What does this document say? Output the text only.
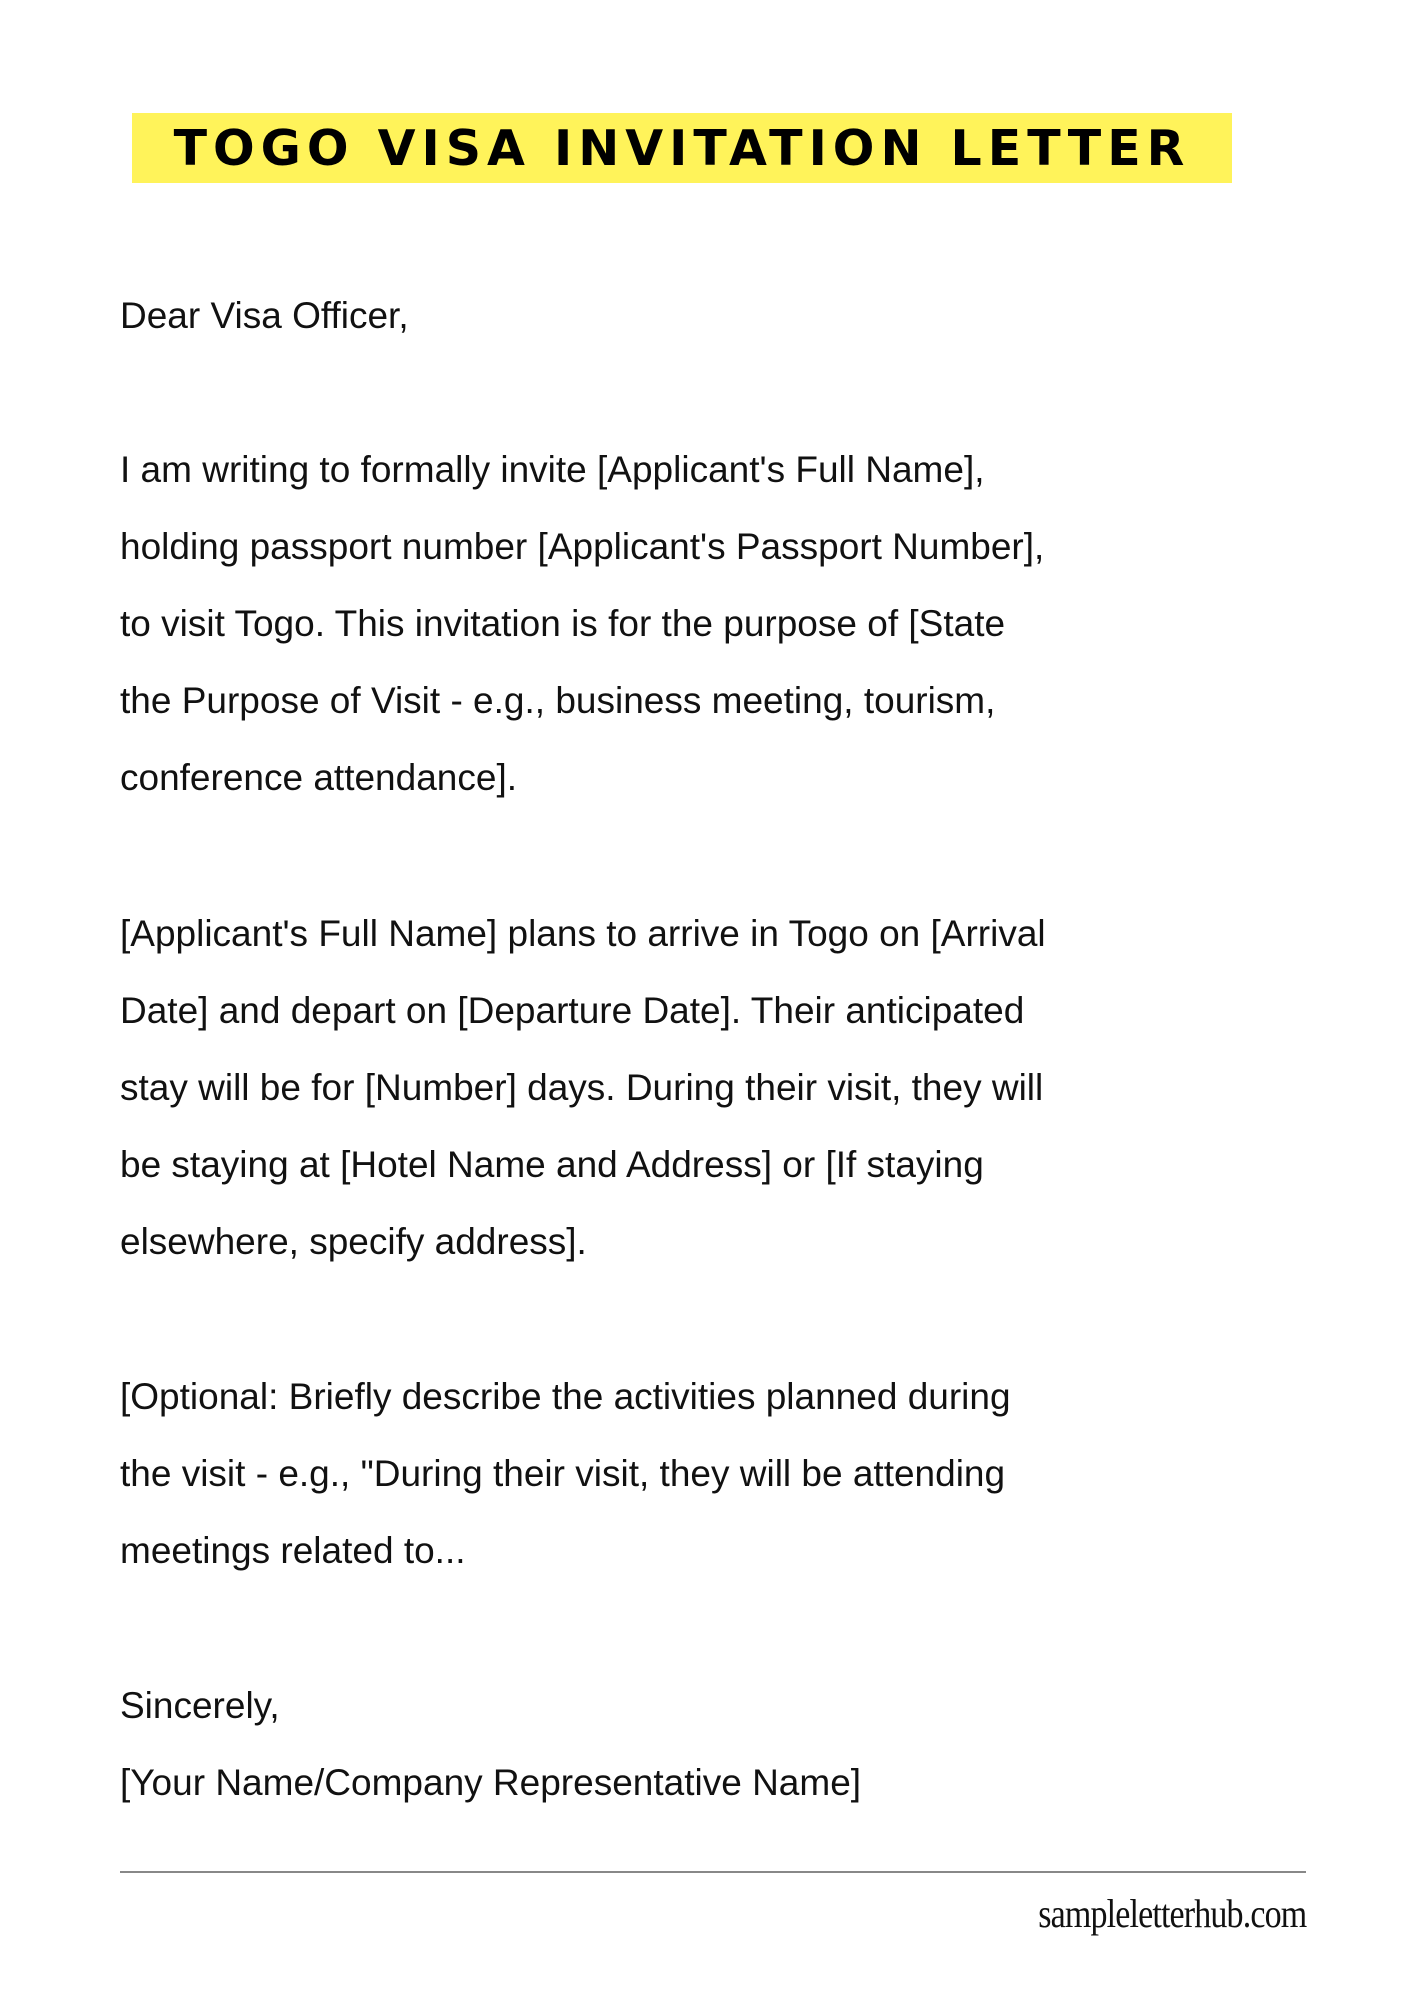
TOGO VISA INVITATION LETTER
Dear Visa Officer,
I am writing to formally invite [Applicant's Full Name],
holding passport number [Applicant's Passport Number],
to visit Togo. This invitation is for the purpose of [State
the Purpose of Visit - e.g., business meeting, tourism,
conference attendance].
[Applicant's Full Name] plans to arrive in Togo on [Arrival
Date] and depart on [Departure Date]. Their anticipated
stay will be for [Number] days. During their visit, they will
be staying at [Hotel Name and Address] or [If staying
elsewhere, specify address].
[Optional: Briefly describe the activities planned during
the visit - e.g., "During their visit, they will be attending
meetings related to...
Sincerely,
[Your Name/Company Representative Name]
sampleletterhub.com
